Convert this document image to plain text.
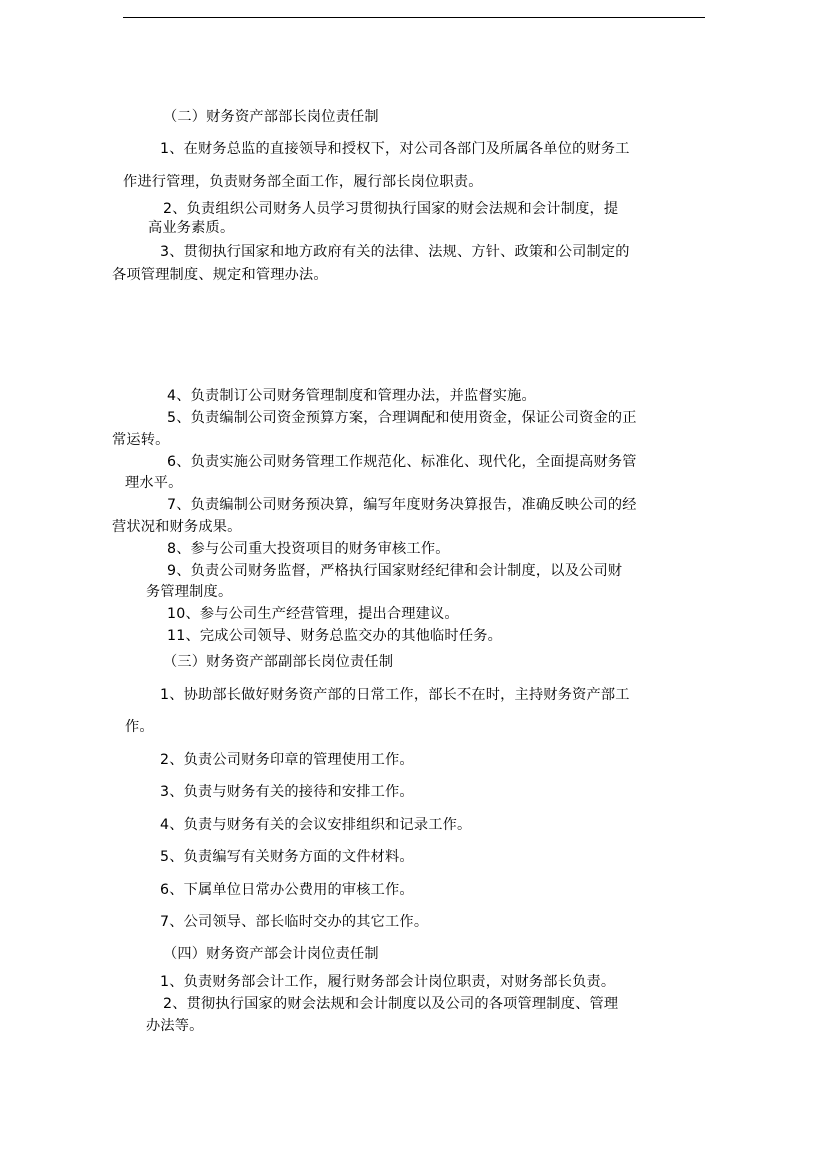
（二）财务资产部部长岗位责任制
1、在财务总监的直接领导和授权下，对公司各部门及所属各单位的财务工
作进行管理，负责财务部全面工作，履行部长岗位职责。
2、负责组织公司财务人员学习贯彻执行国家的财会法规和会计制度，提
高业务素质。
3、贯彻执行国家和地方政府有关的法律、法规、方针、政策和公司制定的
各项管理制度、规定和管理办法。
4、负责制订公司财务管理制度和管理办法，并监督实施。
5、负责编制公司资金预算方案，合理调配和使用资金，保证公司资金的正
常运转。
6、负责实施公司财务管理工作规范化、标准化、现代化，全面提高财务管
理水平。
7、负责编制公司财务预决算，编写年度财务决算报告，准确反映公司的经
营状况和财务成果。
8、参与公司重大投资项目的财务审核工作。
9、负责公司财务监督，严格执行国家财经纪律和会计制度，以及公司财
务管理制度。
10、参与公司生产经营管理，提出合理建议。
11、完成公司领导、财务总监交办的其他临时任务。
（三）财务资产部副部长岗位责任制
1、协助部长做好财务资产部的日常工作，部长不在时，主持财务资产部工
作。
2、负责公司财务印章的管理使用工作。
3、负责与财务有关的接待和安排工作。
4、负责与财务有关的会议安排组织和记录工作。
5、负责编写有关财务方面的文件材料。
6、下属单位日常办公费用的审核工作。
7、公司领导、部长临时交办的其它工作。
（四）财务资产部会计岗位责任制
1、负责财务部会计工作，履行财务部会计岗位职责，对财务部长负责。
2、贯彻执行国家的财会法规和会计制度以及公司的各项管理制度、管理
办法等。
